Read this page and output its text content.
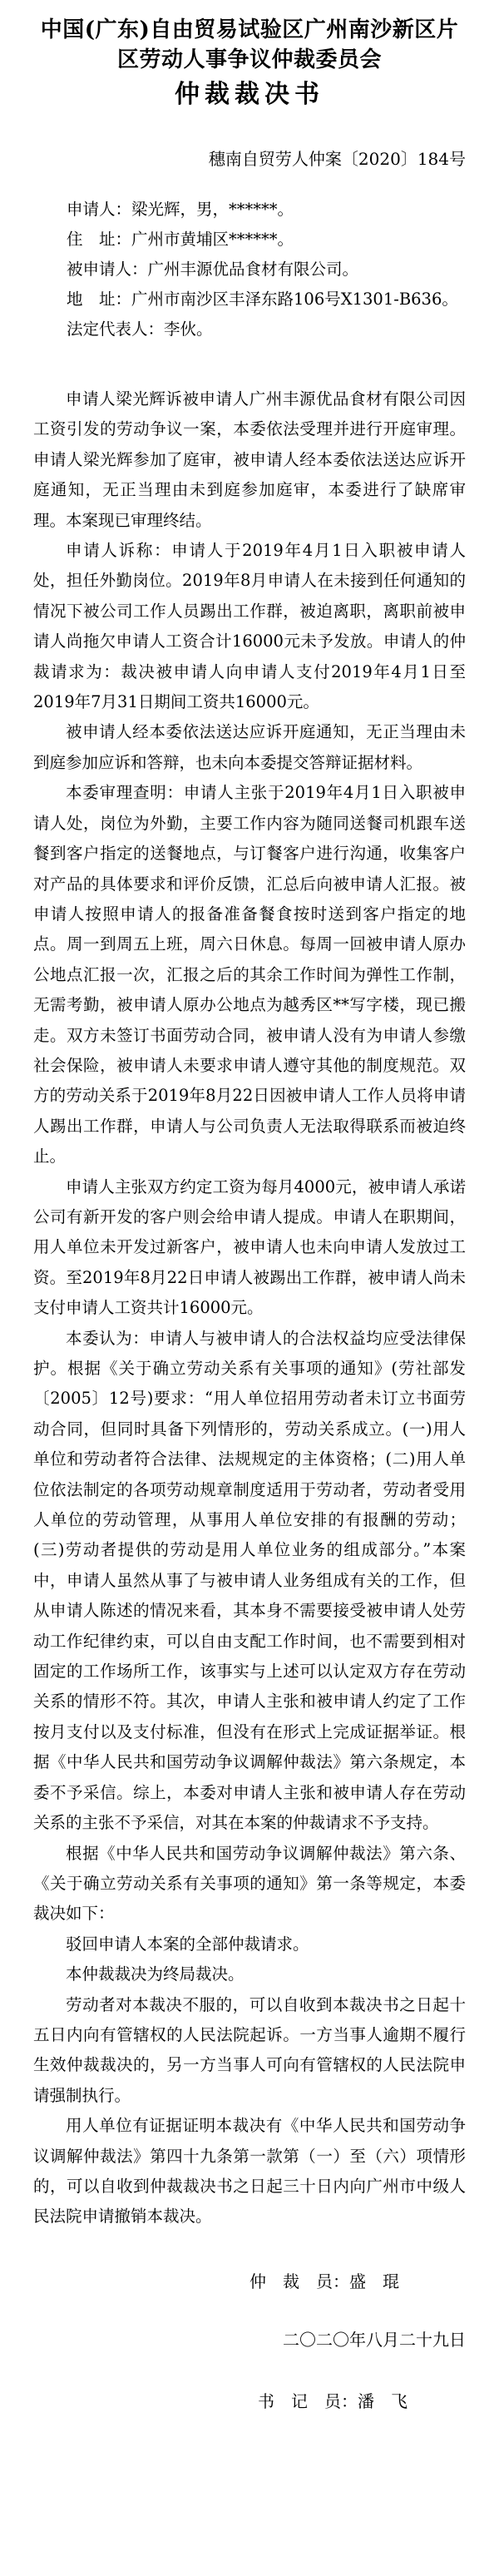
中国(广东)自由贸易试验区广州南沙新区片
区劳动人事争议仲裁委员会
仲裁裁决书
穗南自贸劳人仲案〔2020〕184号
申请人：梁光辉，男，******。
住　址：广州市黄埔区******。
被申请人：广州丰源优品食材有限公司。
地　址：广州市南沙区丰泽东路106号X1301-B636。
法定代表人：李伙。

申请人梁光辉诉被申请人广州丰源优品食材有限公司因工资引发的劳动争议一案，本委依法受理并进行开庭审理。申请人梁光辉参加了庭审，被申请人经本委依法送达应诉开庭通知，无正当理由未到庭参加庭审，本委进行了缺席审理。本案现已审理终结。

申请人诉称：申请人于2019年4月1日入职被申请人处，担任外勤岗位。2019年8月申请人在未接到任何通知的情况下被公司工作人员踢出工作群，被迫离职，离职前被申请人尚拖欠申请人工资合计16000元未予发放。申请人的仲裁请求为：裁决被申请人向申请人支付2019年4月1日至2019年7月31日期间工资共16000元。

被申请人经本委依法送达应诉开庭通知，无正当理由未到庭参加应诉和答辩，也未向本委提交答辩证据材料。

本委审理查明：申请人主张于2019年4月1日入职被申请人处，岗位为外勤，主要工作内容为随同送餐司机跟车送餐到客户指定的送餐地点，与订餐客户进行沟通，收集客户对产品的具体要求和评价反馈，汇总后向被申请人汇报。被申请人按照申请人的报备准备餐食按时送到客户指定的地点。周一到周五上班，周六日休息。每周一回被申请人原办公地点汇报一次，汇报之后的其余工作时间为弹性工作制，无需考勤，被申请人原办公地点为越秀区**写字楼，现已搬走。双方未签订书面劳动合同，被申请人没有为申请人参缴社会保险，被申请人未要求申请人遵守其他的制度规范。双方的劳动关系于2019年8月22日因被申请人工作人员将申请人踢出工作群，申请人与公司负责人无法取得联系而被迫终止。

申请人主张双方约定工资为每月4000元，被申请人承诺公司有新开发的客户则会给申请人提成。申请人在职期间，用人单位未开发过新客户，被申请人也未向申请人发放过工资。至2019年8月22日申请人被踢出工作群，被申请人尚未支付申请人工资共计16000元。

本委认为：申请人与被申请人的合法权益均应受法律保护。根据《关于确立劳动关系有关事项的通知》(劳社部发〔2005〕12号)要求：“用人单位招用劳动者未订立书面劳动合同，但同时具备下列情形的，劳动关系成立。(一)用人单位和劳动者符合法律、法规规定的主体资格；(二)用人单位依法制定的各项劳动规章制度适用于劳动者，劳动者受用人单位的劳动管理，从事用人单位安排的有报酬的劳动；(三)劳动者提供的劳动是用人单位业务的组成部分。”本案中，申请人虽然从事了与被申请人业务组成有关的工作，但从申请人陈述的情况来看，其本身不需要接受被申请人处劳动工作纪律约束，可以自由支配工作时间，也不需要到相对固定的工作场所工作，该事实与上述可以认定双方存在劳动关系的情形不符。其次，申请人主张和被申请人约定了工作按月支付以及支付标准，但没有在形式上完成证据举证。根据《中华人民共和国劳动争议调解仲裁法》第六条规定，本委不予采信。综上，本委对申请人主张和被申请人存在劳动关系的主张不予采信，对其在本案的仲裁请求不予支持。

根据《中华人民共和国劳动争议调解仲裁法》第六条、《关于确立劳动关系有关事项的通知》第一条等规定，本委裁决如下：

驳回申请人本案的全部仲裁请求。

本仲裁裁决为终局裁决。

劳动者对本裁决不服的，可以自收到本裁决书之日起十五日内向有管辖权的人民法院起诉。一方当事人逾期不履行生效仲裁裁决的，另一方当事人可向有管辖权的人民法院申请强制执行。

用人单位有证据证明本裁决有《中华人民共和国劳动争议调解仲裁法》第四十九条第一款第（一）至（六）项情形的，可以自收到仲裁裁决书之日起三十日内向广州市中级人民法院申请撤销本裁决。

仲　裁　员：盛　琨
二〇二〇年八月二十九日
书　记　员：潘　飞
